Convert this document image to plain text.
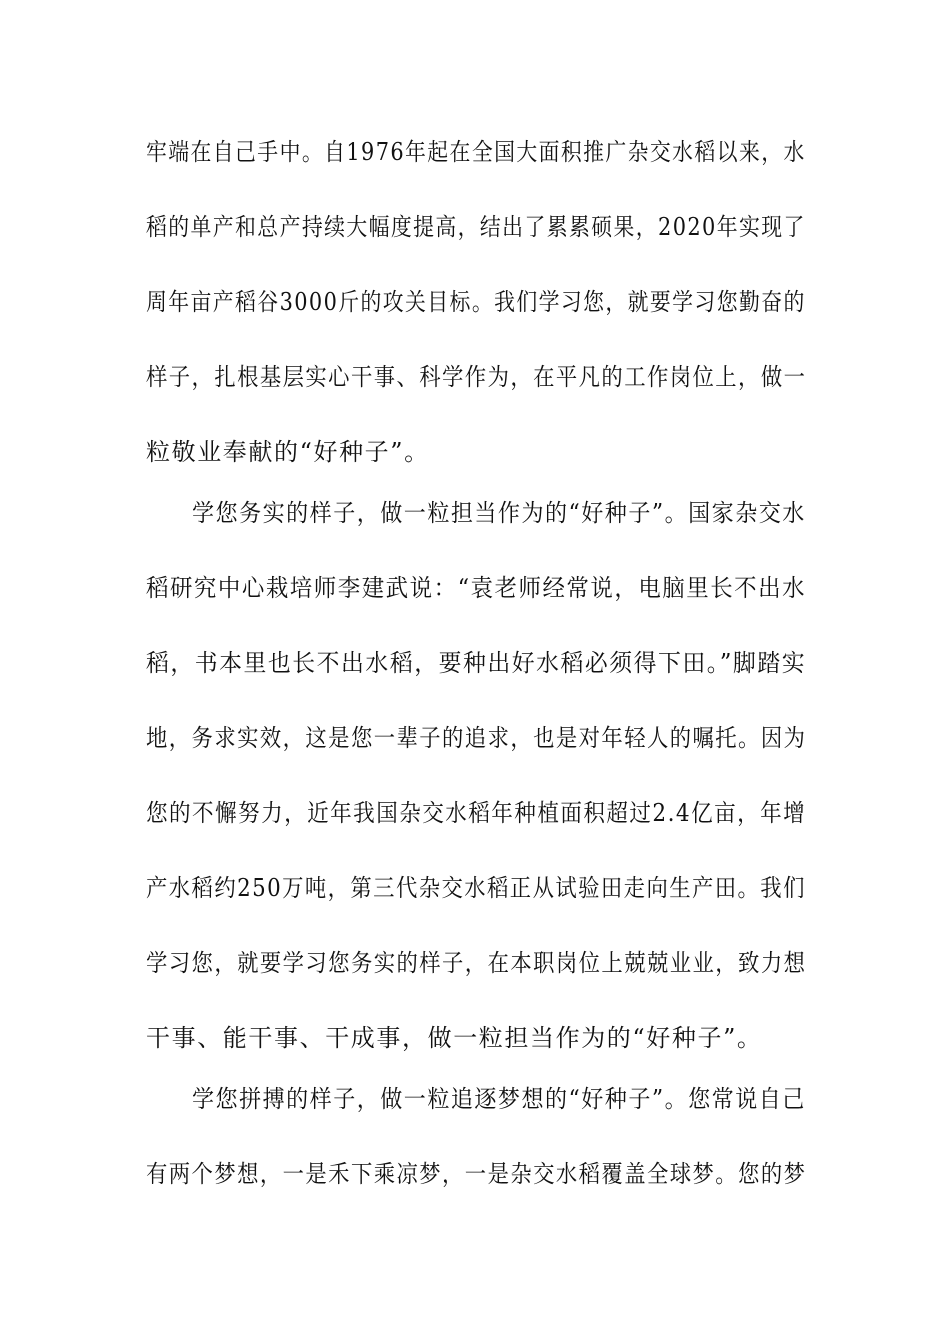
牢端在自己手中。自1976年起在全国大面积推广杂交水稻以来，水
稻的单产和总产持续大幅度提高，结出了累累硕果，2020年实现了
周年亩产稻谷3000斤的攻关目标。我们学习您，就要学习您勤奋的
样子，扎根基层实心干事、科学作为，在平凡的工作岗位上，做一
粒敬业奉献的“好种子”。
学您务实的样子，做一粒担当作为的“好种子”。国家杂交水
稻研究中心栽培师李建武说：“袁老师经常说，电脑里长不出水
稻，书本里也长不出水稻，要种出好水稻必须得下田。”脚踏实
地，务求实效，这是您一辈子的追求，也是对年轻人的嘱托。因为
您的不懈努力，近年我国杂交水稻年种植面积超过2.4亿亩，年增
产水稻约250万吨，第三代杂交水稻正从试验田走向生产田。我们
学习您，就要学习您务实的样子，在本职岗位上兢兢业业，致力想
干事、能干事、干成事，做一粒担当作为的“好种子”。
学您拼搏的样子，做一粒追逐梦想的“好种子”。您常说自己
有两个梦想，一是禾下乘凉梦，一是杂交水稻覆盖全球梦。您的梦
